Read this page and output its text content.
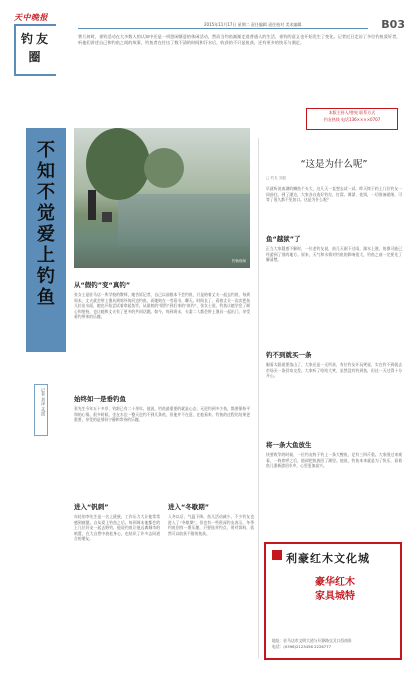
天中晚报
钓友圈
2015年11月17日 星期二 责任编辑 责任校对 美术编辑	B03
曾几何时，垂钓活动在大多数人的认知中还是一项悠闲惬意的休闲活动，然而当钓鱼渐渐走进普通人的生活，垂钓的意义也开始发生了变化。记者近日走访了多位钓鱼爱好者，听他们讲述自己和钓鱼之间的故事，钓鱼者在付出了数不清的时间和汗水后，收获的不只是鱼获，还有更多的快乐与满足。
本版主持人/曾宪 联系方式
钓友热线 电话136××××0707
不知不觉爱上钓鱼
记者 刘泽 文/图
钓鱼现场
从“假钓”变“真钓”
张女士是驻马店一所学校的教师，她告诉记者，自己以前根本不会钓鱼，只是陪着丈夫一起去钓鱼，每到周末，丈夫就会带上渔具到郊外的河边钓鱼，而她则在一旁看书、聊天。时间长了，看着丈夫一次次把鱼儿拉出水面，她也开始尝试着拿起鱼竿。从最初的“假钓”到后来的“真钓”，张女士说，钓鱼让她学会了耐心和坚持，也让她和丈夫有了更多的共同话题。如今，每到周末，夫妻二人都会带上渔具一起出门，享受垂钓带来的乐趣。
始终如一是垂钓鱼
张先生今年五十多岁，钓龄已有二十余年。他说，钓鱼最重要的就是心态，无论钓到多少鱼，都要保持平和的心情。很多时候，坐在水边一整天也钓不到几条鱼，但他并不在意，在他看来，钓鱼的过程比结果更重要，享受的是那份宁静和等待的乐趣。
进入“钒刺”
年轻的李先生是一名上班族，工作压力大让他常常感到疲惫。自从爱上钓鱼之后，每到周末他都会约上几位好友一起去野钓，他说钓鱼让他远离城市的喧嚣，在大自然中放松身心，也结识了许多志同道合的朋友。
进入“冬歇期”
入冬以后，气温下降，鱼儿活动减少，不少钓友也进入了“冬歇期”。但也有一些资深钓友表示，冬季钓鱼别有一番乐趣，只要选对钓点、用对饵料，依然可以收获不错的鱼获。
“这是为什么呢”
□ 钓友 刘振
早就听说南湖的鲫鱼个头大，这几天一直想去试一试，昨天终于约上几位钓友一同前往。到了湖边，大家各自选好钓位，打窝、调漂、挂饵，一切准备就绪，可等了很久都不见鱼口。这是为什么呢？
鱼“越狱”了
正当大家疑惑不解时，一位老钓友说，前几天刚下过雨，湖水上涨，鱼群可能已经游到了别的地方。原来，天气和水情对钓鱼的影响很大，钓鱼之前一定要先了解清楚。
钓不到就买一条
眼看太阳就要落山了，大家还是一无所获，有位钓友开玩笑说，实在钓不到就去市场买一条回家交差。大家听了哈哈大笑，虽然没有钓到鱼，但这一天过得十分开心。
将一条大鱼放生
快要收竿的时候，一位钓友终于钓上一条大鲤鱼，足有三四斤重。大家围过来观看，一阵欢呼之后，他却把鱼放回了湖里。他说，钓鱼本来就是为了快乐，看着鱼儿重新游回水中，心里更加高兴。
利豪红木文化城
豪华红木
家具城特
地址：驻马店市文明大道与开源路交叉口西南角
电话：(0396)2123456 2226777
